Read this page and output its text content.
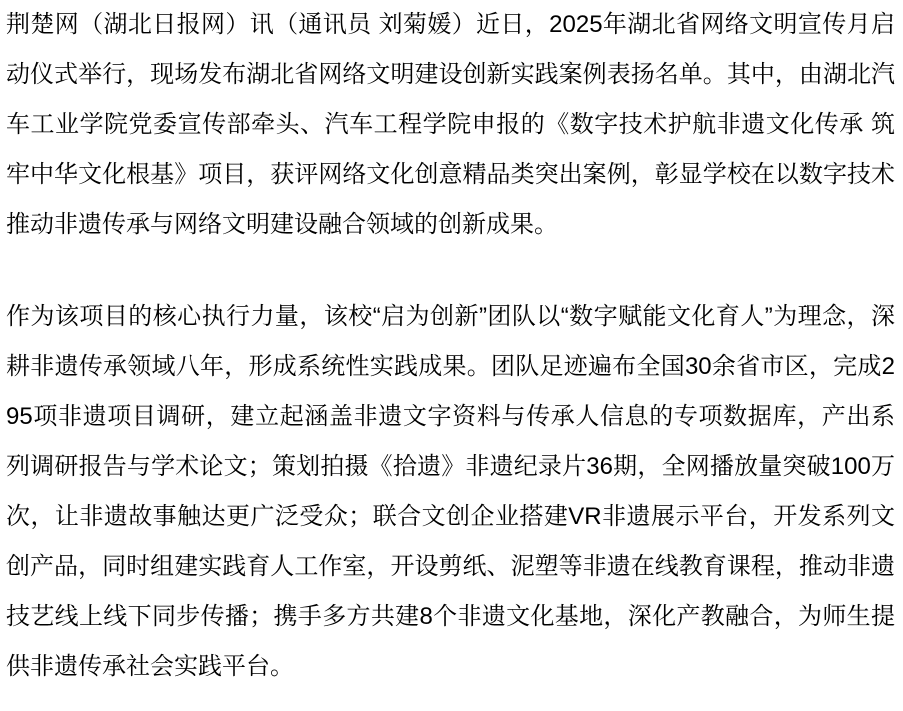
荆楚网（湖北日报网）讯（通讯员 刘菊媛）近日，2025年湖北省网络文明宣传月启动仪式举行，现场发布湖北省网络文明建设创新实践案例表扬名单。其中，由湖北汽车工业学院党委宣传部牵头、汽车工程学院申报的《数字技术护航非遗文化传承 筑牢中华文化根基》项目，获评网络文化创意精品类突出案例，彰显学校在以数字技术推动非遗传承与网络文明建设融合领域的创新成果。

作为该项目的核心执行力量，该校“启为创新”团队以“数字赋能文化育人”为理念，深耕非遗传承领域八年，形成系统性实践成果。团队足迹遍布全国30余省市区，完成295项非遗项目调研，建立起涵盖非遗文字资料与传承人信息的专项数据库，产出系列调研报告与学术论文；策划拍摄《拾遗》非遗纪录片36期，全网播放量突破100万次，让非遗故事触达更广泛受众；联合文创企业搭建VR非遗展示平台，开发系列文创产品，同时组建实践育人工作室，开设剪纸、泥塑等非遗在线教育课程，推动非遗技艺线上线下同步传播；携手多方共建8个非遗文化基地，深化产教融合，为师生提供非遗传承社会实践平台。
